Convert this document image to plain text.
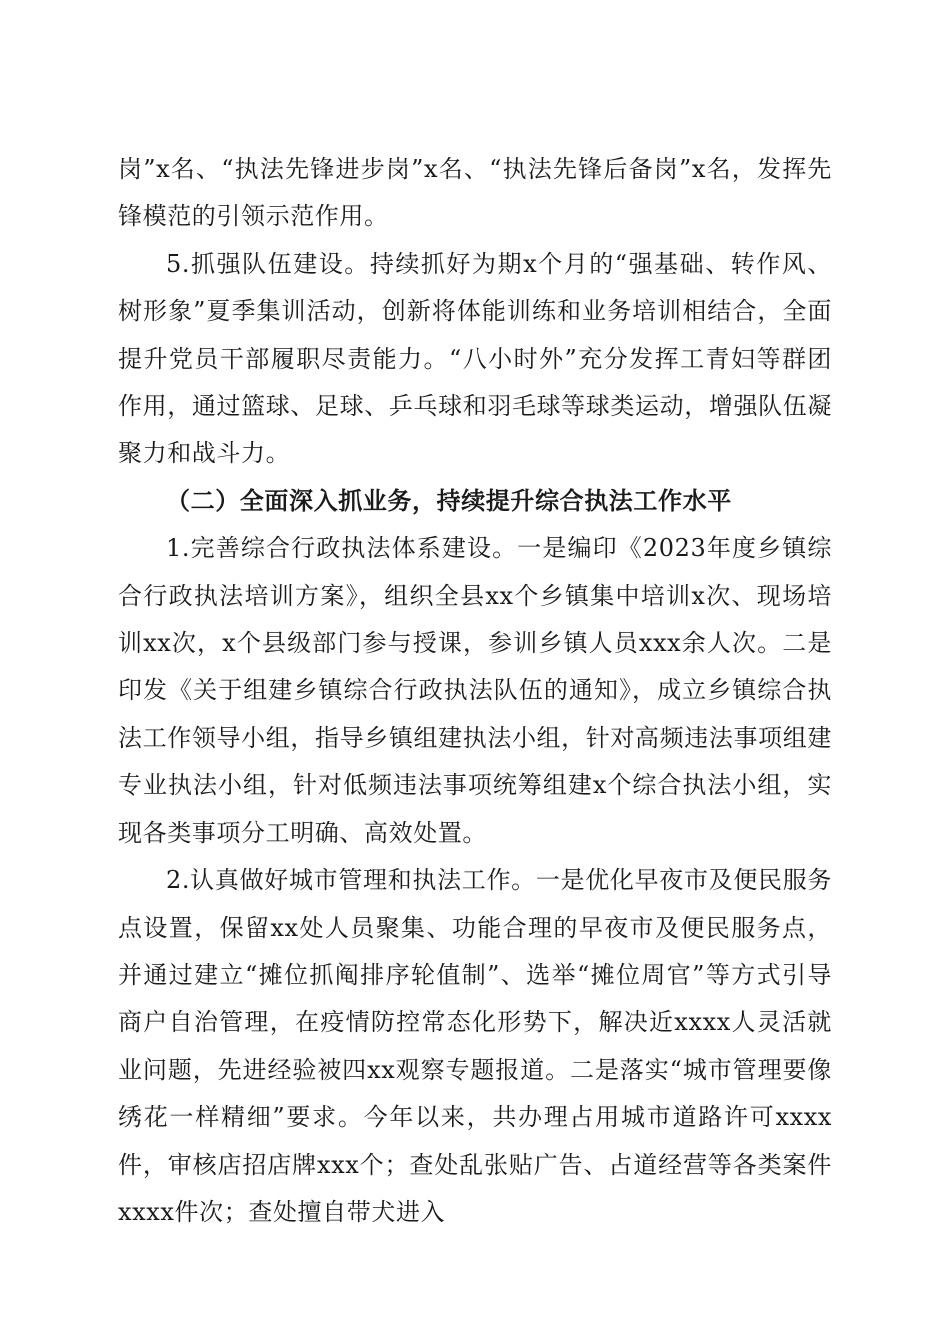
岗”x名、“执法先锋进步岗”x名、“执法先锋后备岗”x名，发挥先锋模范的引领示范作用。

5.抓强队伍建设。持续抓好为期x个月的“强基础、转作风、树形象”夏季集训活动，创新将体能训练和业务培训相结合，全面提升党员干部履职尽责能力。“八小时外”充分发挥工青妇等群团作用，通过篮球、足球、乒乓球和羽毛球等球类运动，增强队伍凝聚力和战斗力。

（二）全面深入抓业务，持续提升综合执法工作水平

1.完善综合行政执法体系建设。一是编印《2023年度乡镇综合行政执法培训方案》，组织全县xx个乡镇集中培训x次、现场培训xx次，x个县级部门参与授课，参训乡镇人员xxx余人次。二是印发《关于组建乡镇综合行政执法队伍的通知》，成立乡镇综合执法工作领导小组，指导乡镇组建执法小组，针对高频违法事项组建专业执法小组，针对低频违法事项统筹组建x个综合执法小组，实现各类事项分工明确、高效处置。

2.认真做好城市管理和执法工作。一是优化早夜市及便民服务点设置，保留xx处人员聚集、功能合理的早夜市及便民服务点，并通过建立“摊位抓阄排序轮值制”、选举“摊位周官”等方式引导商户自治管理，在疫情防控常态化形势下，解决近xxxx人灵活就业问题，先进经验被四xx观察专题报道。二是落实“城市管理要像绣花一样精细”要求。今年以来，共办理占用城市道路许可xxxx件，审核店招店牌xxx个；查处乱张贴广告、占道经营等各类案件xxxx件次；查处擅自带犬进入
